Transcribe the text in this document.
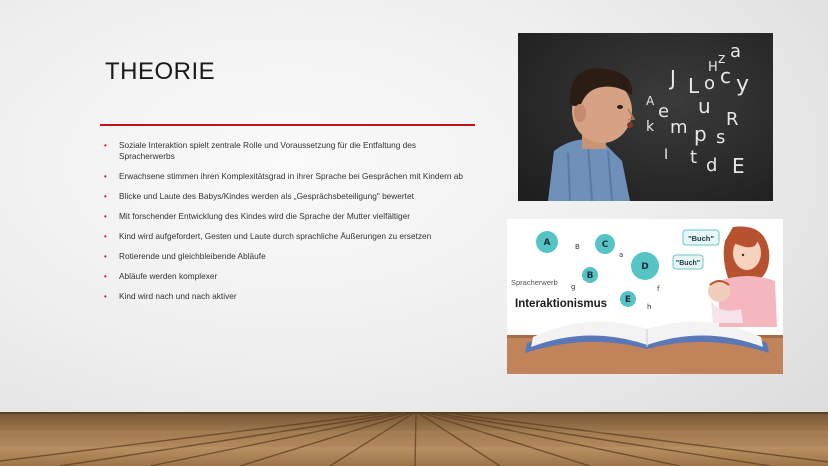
THEORIE
• Soziale Interaktion spielt zentrale Rolle und Voraussetzung für die Entfaltung des Spracherwerbs
• Erwachsene stimmen ihren Komplexitätsgrad in ihrer Sprache bei Gesprächen mit Kindern ab
• Blicke und Laute des Babys/Kindes werden als „Gesprächsbeteiligung" bewertet
• Mit forschender Entwicklung des Kindes wird die Sprache der Mutter vielfältiger
• Kind wird aufgefordert, Gesten und Laute durch sprachliche Äußerungen zu ersetzen
• Rotierende und gleichbleibende Abläufe
• Abläufe werden komplexer
• Kind wird nach und nach aktiver
H
z a
J L o c y
A u
R
e
m p s
k
I t d E
A	C
D
B
E
B
a
f
g
h
Spracherwerb
Interaktionismus
"Buch"
"Buch"
